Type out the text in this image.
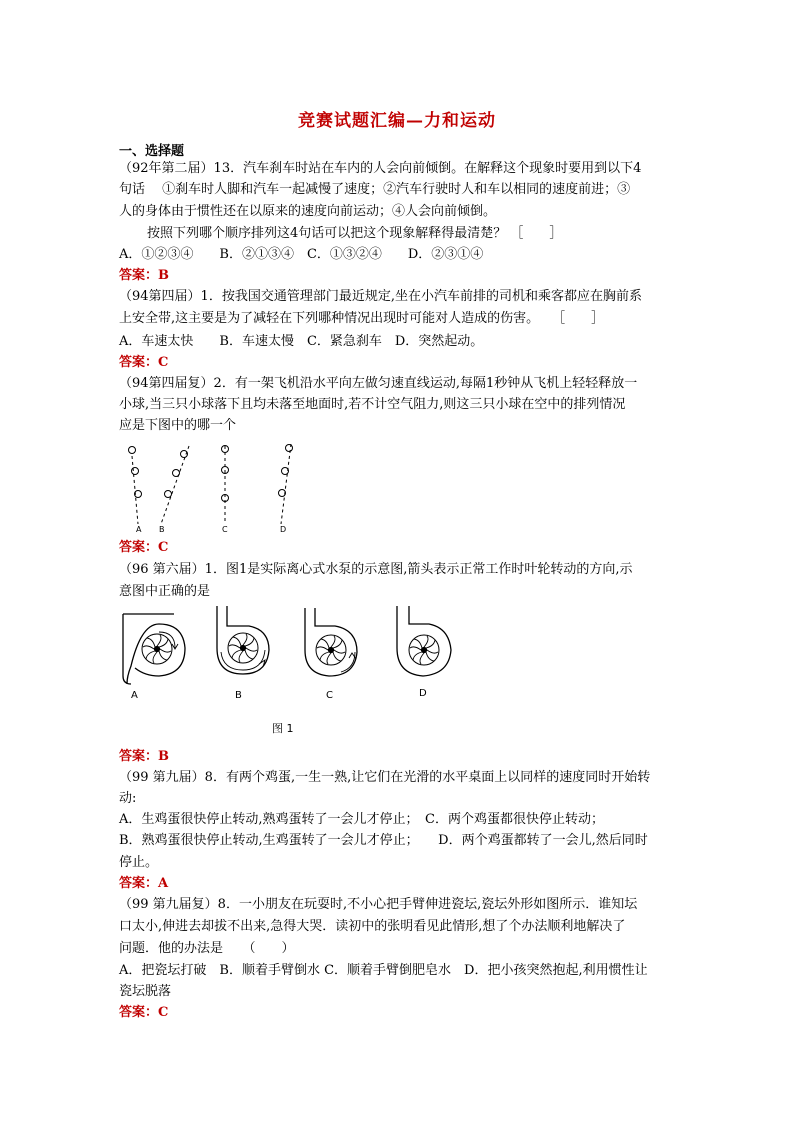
竞赛试题汇编—力和运动
一、选择题
（92年第二届）13．汽车刹车时站在车内的人会向前倾倒。在解释这个现象时要用到以下4
句话　 ①刹车时人脚和汽车一起减慢了速度；②汽车行驶时人和车以相同的速度前进；③
人的身体由于惯性还在以原来的速度向前运动；④人会向前倾倒。
按照下列哪个顺序排列这4句话可以把这个现象解释得最清楚？ ［　　］
A．①②③④　　B．②①③④　C．①③②④　　D．②③①④
答案：B
（94第四届）1．按我国交通管理部门最近规定,坐在小汽车前排的司机和乘客都应在胸前系
上安全带,这主要是为了减轻在下列哪种情况出现时可能对人造成的伤害。　　［　　］
A．车速太快　　B．车速太慢　C．紧急刹车　D．突然起动。
答案：C
（94第四届复）2．有一架飞机沿水平向左做匀速直线运动,每隔1秒钟从飞机上轻轻释放一
小球,当三只小球落下且均未落至地面时,若不计空气阻力,则这三只小球在空中的排列情况
应是下图中的哪一个
A B	C	D
答案：C
（96 第六届）1．图1是实际离心式水泵的示意图,箭头表示正常工作时叶轮转动的方向,示
意图中正确的是
A	B	C	D
图 1
答案：B
（99 第九届）8．有两个鸡蛋,一生一熟,让它们在光滑的水平桌面上以同样的速度同时开始转
动:
A．生鸡蛋很快停止转动,熟鸡蛋转了一会儿才停止；　C．两个鸡蛋都很快停止转动；
B．熟鸡蛋很快停止转动,生鸡蛋转了一会儿才停止；　　D．两个鸡蛋都转了一会儿,然后同时
停止。
答案：A
（99 第九届复）8．一小朋友在玩耍时,不小心把手臂伸进瓷坛,瓷坛外形如图所示．谁知坛
口太小,伸进去却拔不出来,急得大哭．读初中的张明看见此情形,想了个办法顺利地解决了
问题．他的办法是　　（　　）
A．把瓷坛打破　B．顺着手臂倒水 C．顺着手臂倒肥皂水　D．把小孩突然抱起,利用惯性让
瓷坛脱落
答案：C
